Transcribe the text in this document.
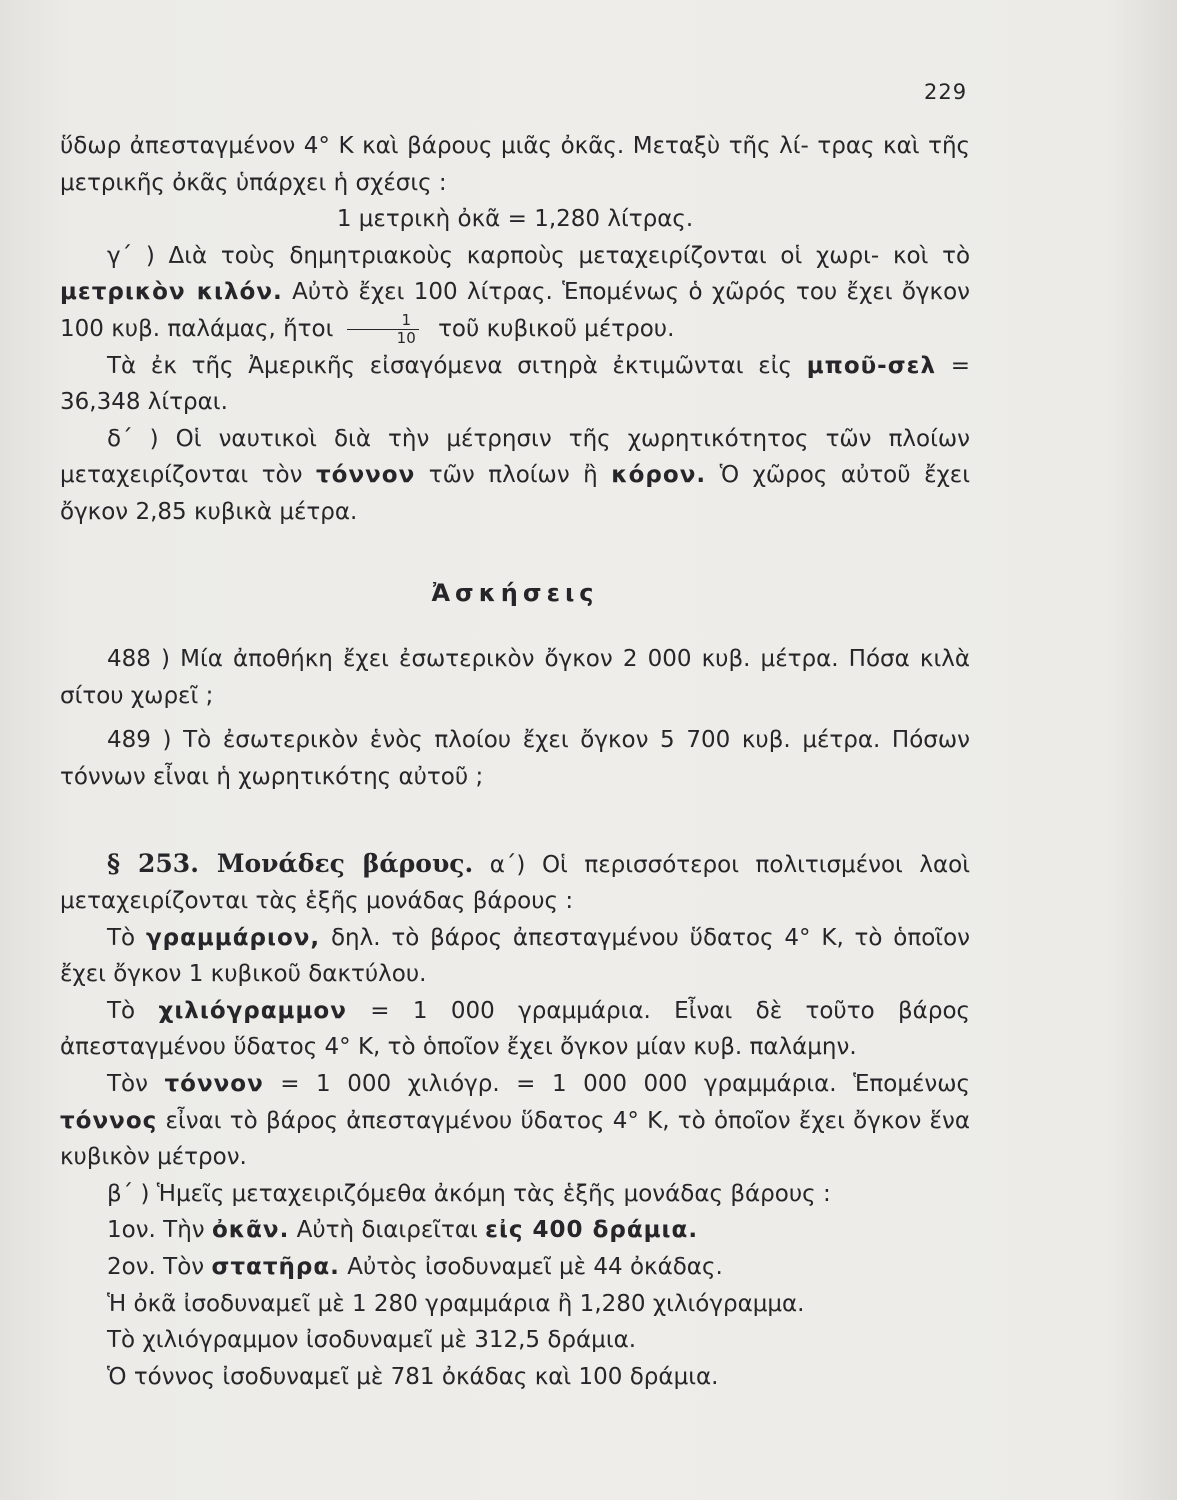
229

ὕδωρ ἀπεσταγμένον 4° Κ καὶ βάρους μιᾶς ὀκᾶς. Μεταξὺ τῆς λί- τρας καὶ τῆς μετρικῆς ὀκᾶς ὑπάρχει ἡ σχέσις :

1 μετρικὴ ὀκᾶ = 1,280 λίτρας.

γ΄ ) Διὰ τοὺς δημητριακοὺς καρποὺς μεταχειρίζονται οἱ χωρι- κοὶ τὸ μετρικὸν κιλόν. Αὐτὸ ἔχει 100 λίτρας. Ἑπομένως ὁ χῶρός του ἔχει ὄγκον 100 κυβ. παλάμας, ἤτοι $\frac{1}{10}$ τοῦ κυβικοῦ μέτρου.

Τὰ ἐκ τῆς Ἀμερικῆς εἰσαγόμενα σιτηρὰ ἐκτιμῶνται εἰς μποῦ-σελ = 36,348 λίτραι.

δ΄ ) Οἱ ναυτικοὶ διὰ τὴν μέτρησιν τῆς χωρητικότητος τῶν πλοίων μεταχειρίζονται τὸν τόννον τῶν πλοίων ἢ κόρον. Ὁ χῶρος αὐτοῦ ἔχει ὄγκον 2,85 κυβικὰ μέτρα.

Ἀσκήσεις

488 ) Μία ἀποθήκη ἔχει ἐσωτερικὸν ὄγκον 2 000 κυβ. μέτρα. Πόσα κιλὰ σίτου χωρεῖ ;

489 ) Τὸ ἐσωτερικὸν ἑνὸς πλοίου ἔχει ὄγκον 5 700 κυβ. μέτρα. Πόσων τόννων εἶναι ἡ χωρητικότης αὐτοῦ ;

§ 253. Μονάδες βάρους. α΄) Οἱ περισσότεροι πολιτισμένοι λαοὶ μεταχειρίζονται τὰς ἑξῆς μονάδας βάρους :

Τὸ γραμμάριον, δηλ. τὸ βάρος ἀπεσταγμένου ὕδατος 4° Κ, τὸ ὁποῖον ἔχει ὄγκον 1 κυβικοῦ δακτύλου.

Τὸ χιλιόγραμμον = 1 000 γραμμάρια. Εἶναι δὲ τοῦτο βάρος ἀπεσταγμένου ὕδατος 4° Κ, τὸ ὁποῖον ἔχει ὄγκον μίαν κυβ. παλάμην.

Τὸν τόννον = 1 000 χιλιόγρ. = 1 000 000 γραμμάρια. Ἑπομένως τόννος εἶναι τὸ βάρος ἀπεσταγμένου ὕδατος 4° Κ, τὸ ὁποῖον ἔχει ὄγκον ἕνα κυβικὸν μέτρον.

β΄ ) Ἡμεῖς μεταχειριζόμεθα ἀκόμη τὰς ἑξῆς μονάδας βάρους :

1ον. Τὴν ὀκᾶν. Αὐτὴ διαιρεῖται εἰς 400 δράμια.

2ον. Τὸν στατῆρα. Αὐτὸς ἰσοδυναμεῖ μὲ 44 ὀκάδας.

Ἡ ὀκᾶ ἰσοδυναμεῖ μὲ 1 280 γραμμάρια ἢ 1,280 χιλιόγραμμα.

Τὸ χιλιόγραμμον ἰσοδυναμεῖ μὲ 312,5 δράμια.

Ὁ τόννος ἰσοδυναμεῖ μὲ 781 ὀκάδας καὶ 100 δράμια.
